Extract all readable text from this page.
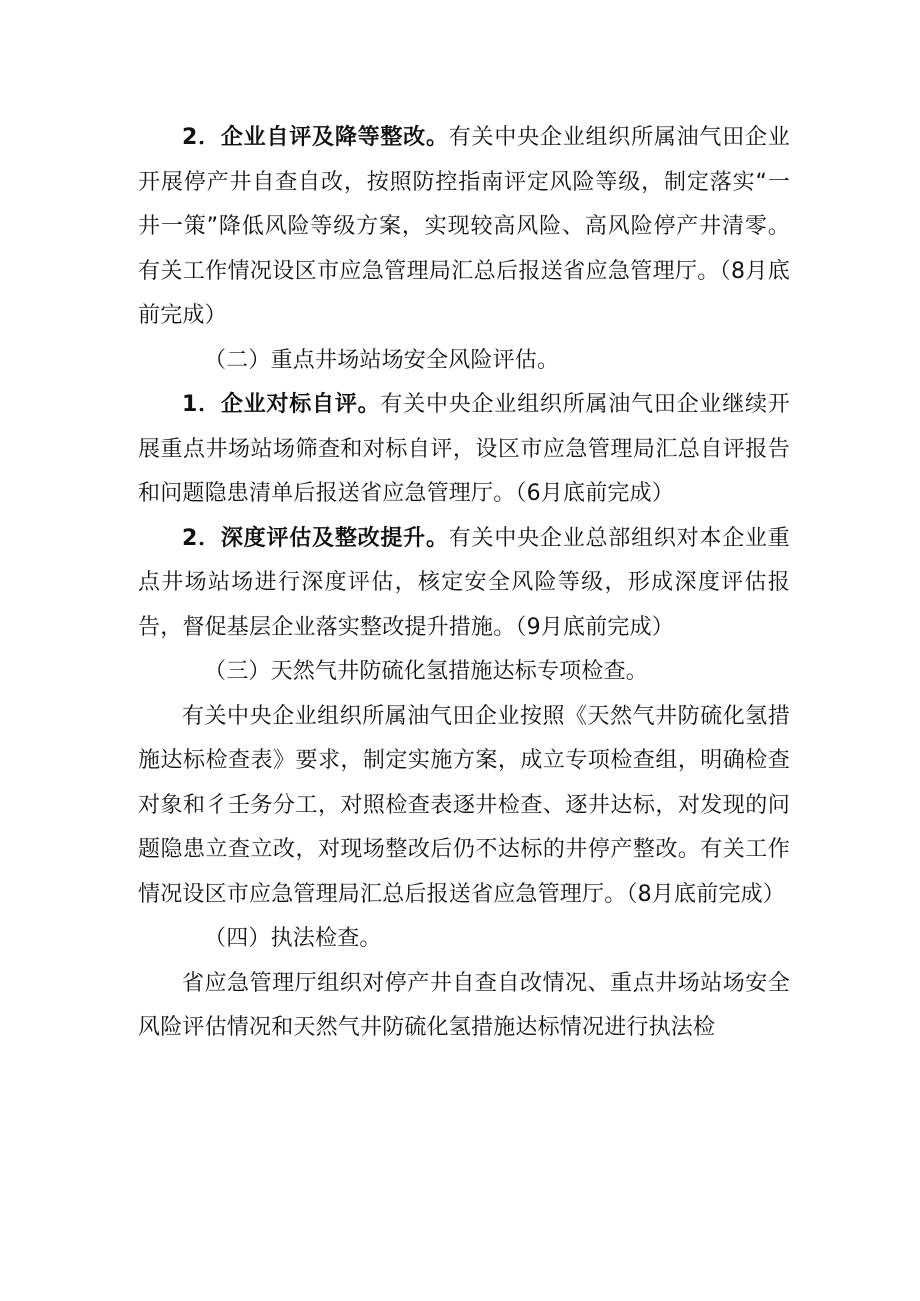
2．企业自评及降等整改。有关中央企业组织所属油气田企业开展停产井自查自改，按照防控指南评定风险等级，制定落实“一井一策”降低风险等级方案，实现较高风险、高风险停产井清零。有关工作情况设区市应急管理局汇总后报送省应急管理厅。（8月底前完成）

（二）重点井场站场安全风险评估。

1．企业对标自评。有关中央企业组织所属油气田企业继续开展重点井场站场筛查和对标自评，设区市应急管理局汇总自评报告和问题隐患清单后报送省应急管理厅。（6月底前完成）

2．深度评估及整改提升。有关中央企业总部组织对本企业重点井场站场进行深度评估，核定安全风险等级，形成深度评估报告，督促基层企业落实整改提升措施。（9月底前完成）

（三）天然气井防硫化氢措施达标专项检查。

有关中央企业组织所属油气田企业按照《天然气井防硫化氢措施达标检查表》要求，制定实施方案，成立专项检查组，明确检查对象和彳壬务分工，对照检查表逐井检查、逐井达标，对发现的问题隐患立查立改，对现场整改后仍不达标的井停产整改。有关工作情况设区市应急管理局汇总后报送省应急管理厅。（8月底前完成）

（四）执法检查。

省应急管理厅组织对停产井自查自改情况、重点井场站场安全风险评估情况和天然气井防硫化氢措施达标情况进行执法检
